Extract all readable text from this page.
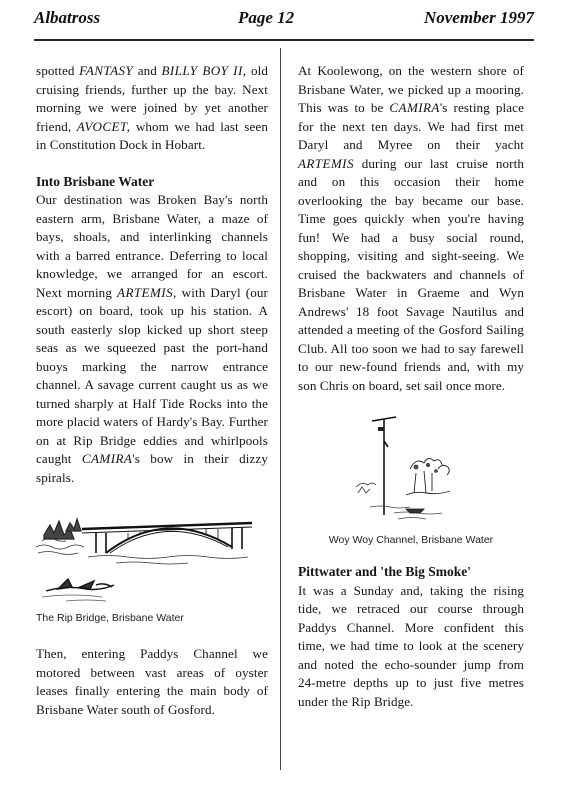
Albatross	Page 12	November 1997

spotted FANTASY and BILLY BOY II, old cruising friends, further up the bay. Next morning we were joined by yet another friend, AVOCET, whom we had last seen in Constitution Dock in Hobart.

Into Brisbane Water

Our destination was Broken Bay's north eastern arm, Brisbane Water, a maze of bays, shoals, and interlinking channels with a barred entrance. Deferring to local knowledge, we arranged for an escort. Next morning ARTEMIS, with Daryl (our escort) on board, took up his station. A south easterly slop kicked up short steep seas as we squeezed past the port-hand buoys marking the narrow entrance channel. A savage current caught us as we turned sharply at Half Tide Rocks into the more placid waters of Hardy's Bay. Further on at Rip Bridge eddies and whirlpools caught CAMIRA's bow in their dizzy spirals.

The Rip Bridge, Brisbane Water

Then, entering Paddys Channel we motored between vast areas of oyster leases finally entering the main body of Brisbane Water south of Gosford.

At Koolewong, on the western shore of Brisbane Water, we picked up a mooring. This was to be CAMIRA's resting place for the next ten days. We had first met Daryl and Myree on their yacht ARTEMIS during our last cruise north and on this occasion their home overlooking the bay became our base. Time goes quickly when you're having fun! We had a busy social round, shopping, visiting and sight-seeing. We cruised the backwaters and channels of Brisbane Water in Graeme and Wyn Andrews' 18 foot Savage Nautilus and attended a meeting of the Gosford Sailing Club. All too soon we had to say farewell to our new-found friends and, with my son Chris on board, set sail once more.

Woy Woy Channel, Brisbane Water
Pittwater and 'the Big Smoke'

It was a Sunday and, taking the rising tide, we retraced our course through Paddys Channel. More confident this time, we had time to look at the scenery and noted the echo-sounder jump from 24-metre depths up to just five metres under the Rip Bridge.
